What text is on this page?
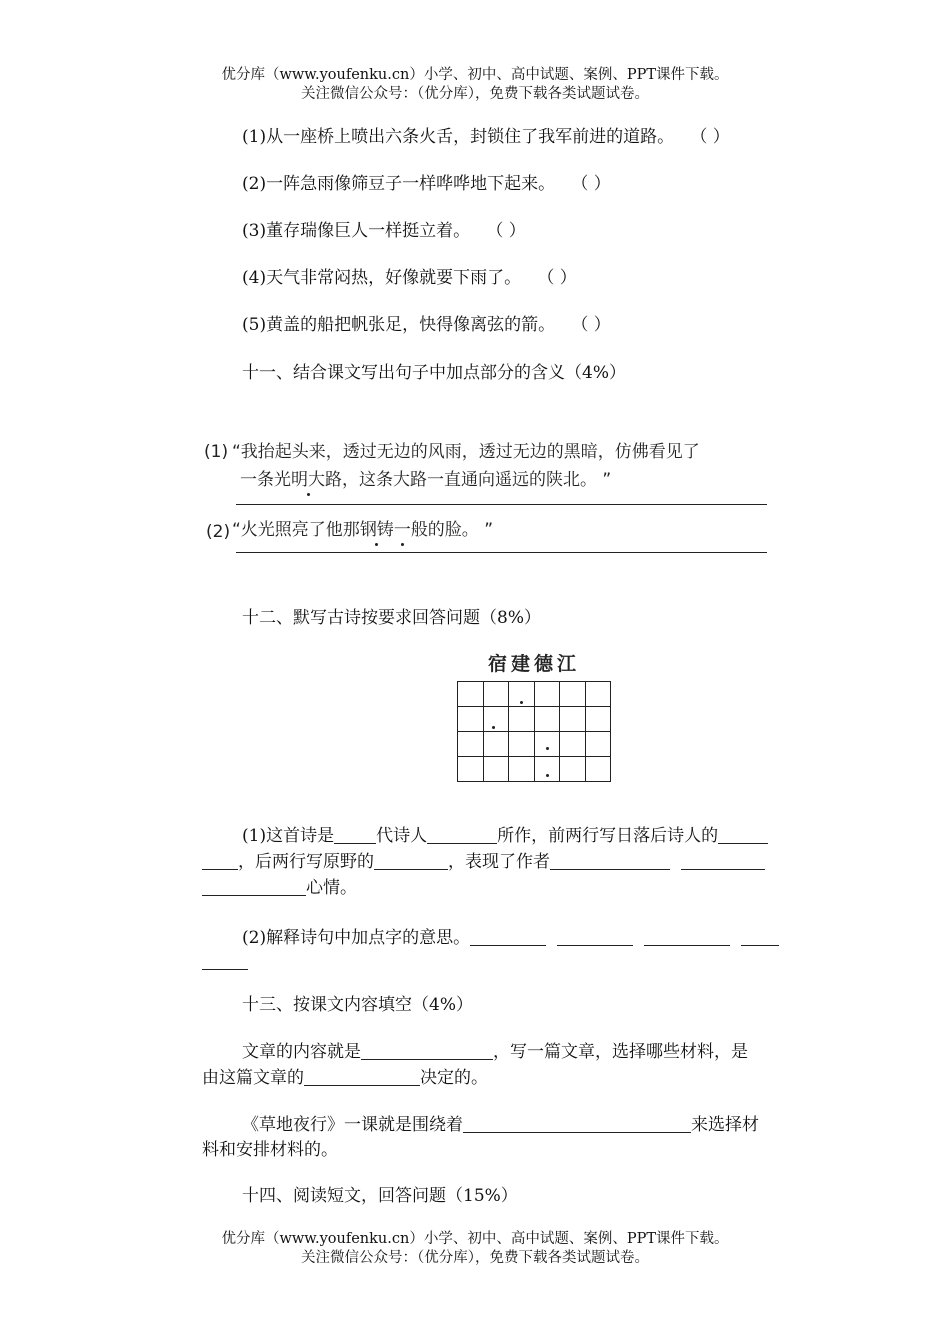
优分库（www.youfenku.cn）小学、初中、高中试题、案例、PPT课件下载。
关注微信公众号：（优分库），免费下载各类试题试卷。
(1)从一座桥上喷出六条火舌，封锁住了我军前进的道路。 （ ）
(2)一阵急雨像筛豆子一样哗哗地下起来。 （ ）
(3)董存瑞像巨人一样挺立着。 （ ）
(4)天气非常闷热，好像就要下雨了。 （ ）
(5)黄盖的船把帆张足，快得像离弦的箭。 （ ）
十一、结合课文写出句子中加点部分的含义（4%）
(1) “我抬起头来，透过无边的风雨，透过无边的黑暗，仿佛看见了
一条光明大路，这条大路一直通向遥远的陕北。 ”
(2) “火光照亮了他那钢铸一般的脸。 ”
十二、默写古诗按要求回答问题（8%）
宿建德江

(1)这首诗是 代诗人	所作，前两行写日落后诗人的
，后两行写原野的	，表现了作者
心情。
(2)解释诗句中加点字的意思。
十三、按课文内容填空（4%）
文章的内容就是	，写一篇文章，选择哪些材料，是
由这篇文章的	决定的。
《草地夜行》一课就是围绕着	来选择材
料和安排材料的。
十四、阅读短文，回答问题（15%）
优分库（www.youfenku.cn）小学、初中、高中试题、案例、PPT课件下载。
关注微信公众号：（优分库），免费下载各类试题试卷。
